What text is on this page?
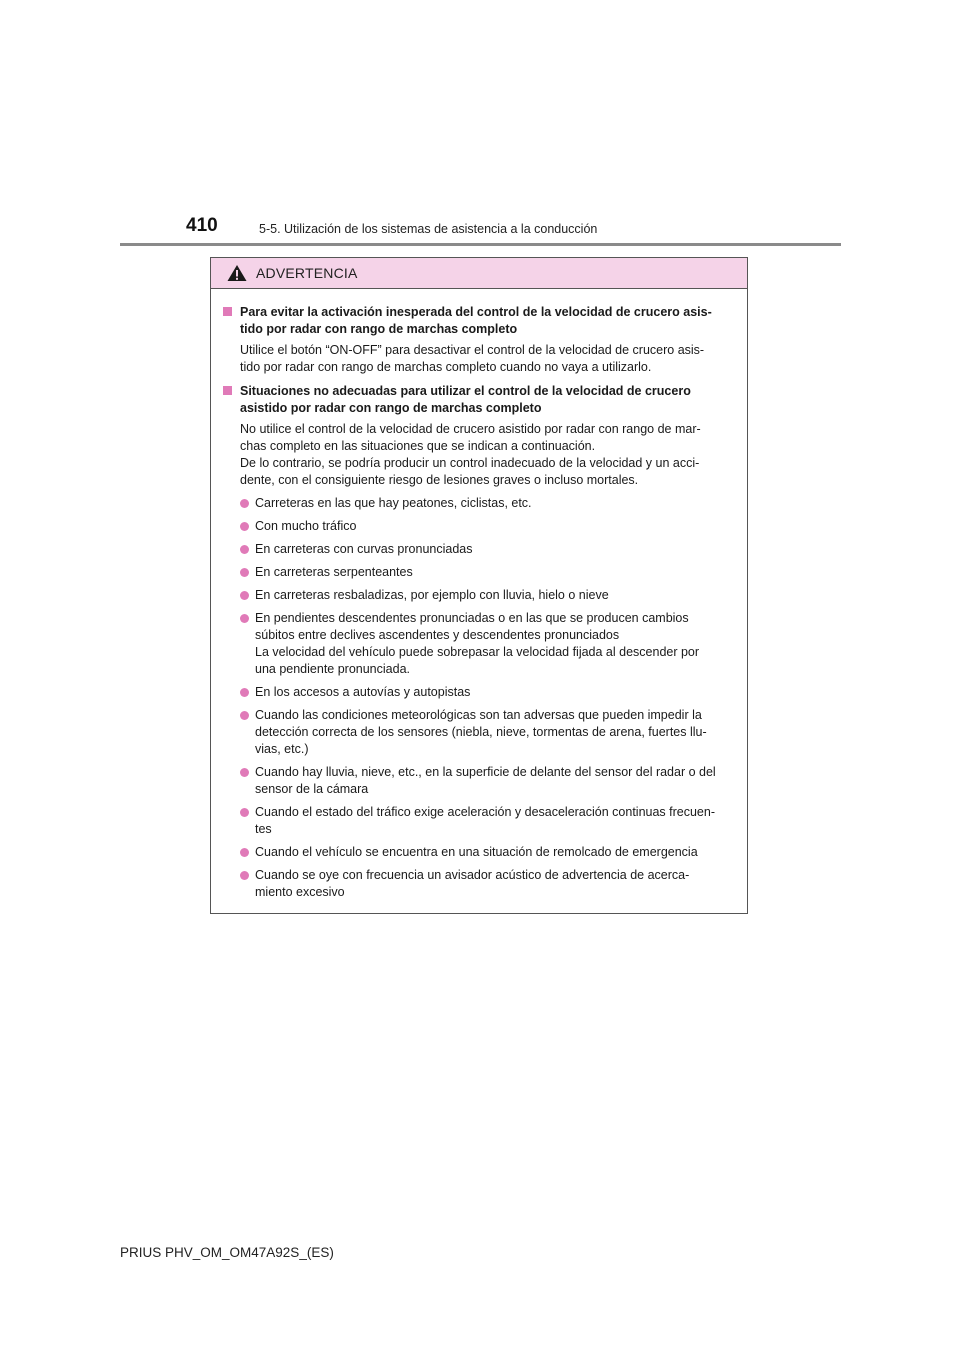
410	5-5. Utilización de los sistemas de asistencia a la conducción
ADVERTENCIA
Para evitar la activación inesperada del control de la velocidad de crucero asis-
tido por radar con rango de marchas completo
Utilice el botón “ON-OFF” para desactivar el control de la velocidad de crucero asis-
tido por radar con rango de marchas completo cuando no vaya a utilizarlo.
Situaciones no adecuadas para utilizar el control de la velocidad de crucero
asistido por radar con rango de marchas completo
No utilice el control de la velocidad de crucero asistido por radar con rango de mar-
chas completo en las situaciones que se indican a continuación.
De lo contrario, se podría producir un control inadecuado de la velocidad y un acci-
dente, con el consiguiente riesgo de lesiones graves o incluso mortales.
Carreteras en las que hay peatones, ciclistas, etc.
Con mucho tráfico
En carreteras con curvas pronunciadas
En carreteras serpenteantes
En carreteras resbaladizas, por ejemplo con lluvia, hielo o nieve
En pendientes descendentes pronunciadas o en las que se producen cambios
súbitos entre declives ascendentes y descendentes pronunciados
La velocidad del vehículo puede sobrepasar la velocidad fijada al descender por
una pendiente pronunciada.
En los accesos a autovías y autopistas
Cuando las condiciones meteorológicas son tan adversas que pueden impedir la
detección correcta de los sensores (niebla, nieve, tormentas de arena, fuertes llu-
vias, etc.)
Cuando hay lluvia, nieve, etc., en la superficie de delante del sensor del radar o del
sensor de la cámara
Cuando el estado del tráfico exige aceleración y desaceleración continuas frecuen-
tes
Cuando el vehículo se encuentra en una situación de remolcado de emergencia
Cuando se oye con frecuencia un avisador acústico de advertencia de acerca-
miento excesivo
PRIUS PHV_OM_OM47A92S_(ES)
